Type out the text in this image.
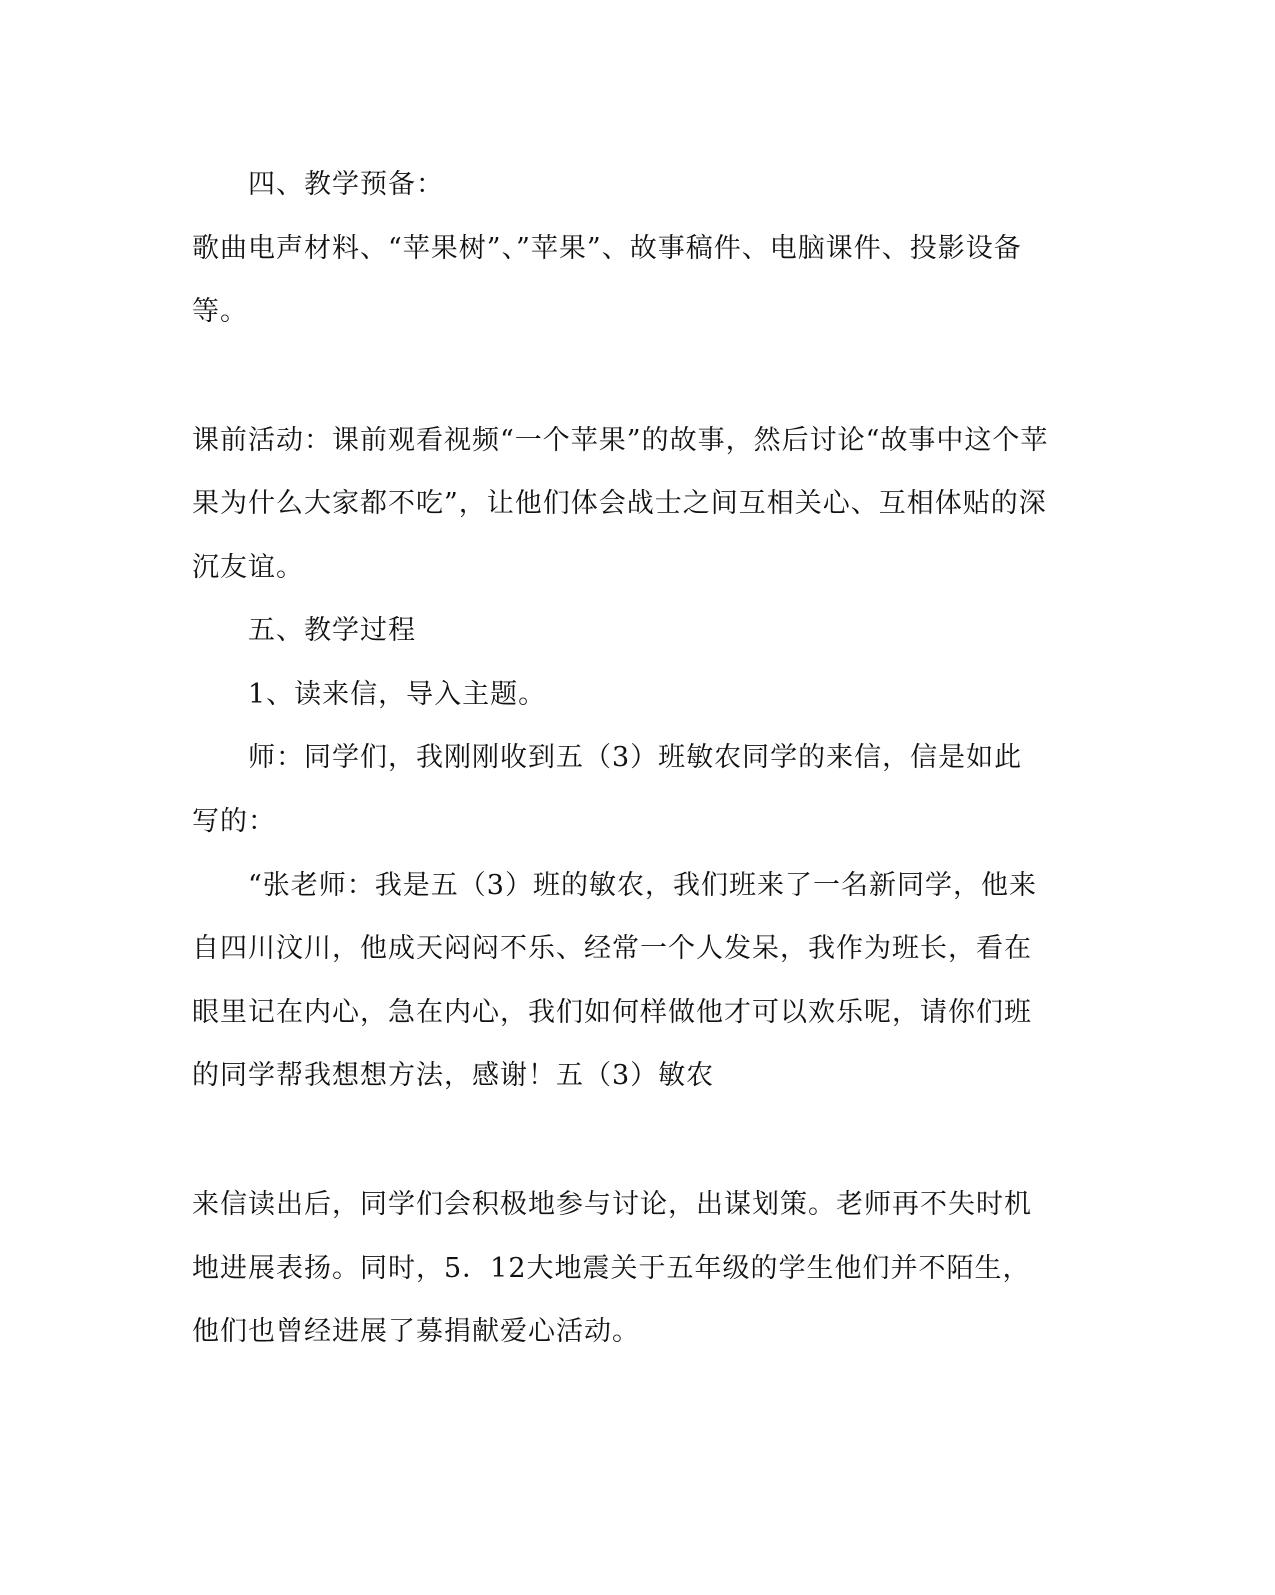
四、教学预备：
歌曲电声材料、“苹果树”、”苹果”、故事稿件、电脑课件、投影设备
等。
课前活动：课前观看视频“一个苹果”的故事，然后讨论“故事中这个苹
果为什么大家都不吃”，让他们体会战士之间互相关心、互相体贴的深
沉友谊。
五、教学过程
1、读来信，导入主题。
师：同学们，我刚刚收到五（3）班敏农同学的来信，信是如此
写的：
“张老师：我是五（3）班的敏农，我们班来了一名新同学，他来
自四川汶川，他成天闷闷不乐、经常一个人发呆，我作为班长，看在
眼里记在内心，急在内心，我们如何样做他才可以欢乐呢，请你们班
的同学帮我想想方法，感谢！五（3）敏农
来信读出后，同学们会积极地参与讨论，出谋划策。老师再不失时机
地进展表扬。同时，5．12大地震关于五年级的学生他们并不陌生，
他们也曾经进展了募捐献爱心活动。
